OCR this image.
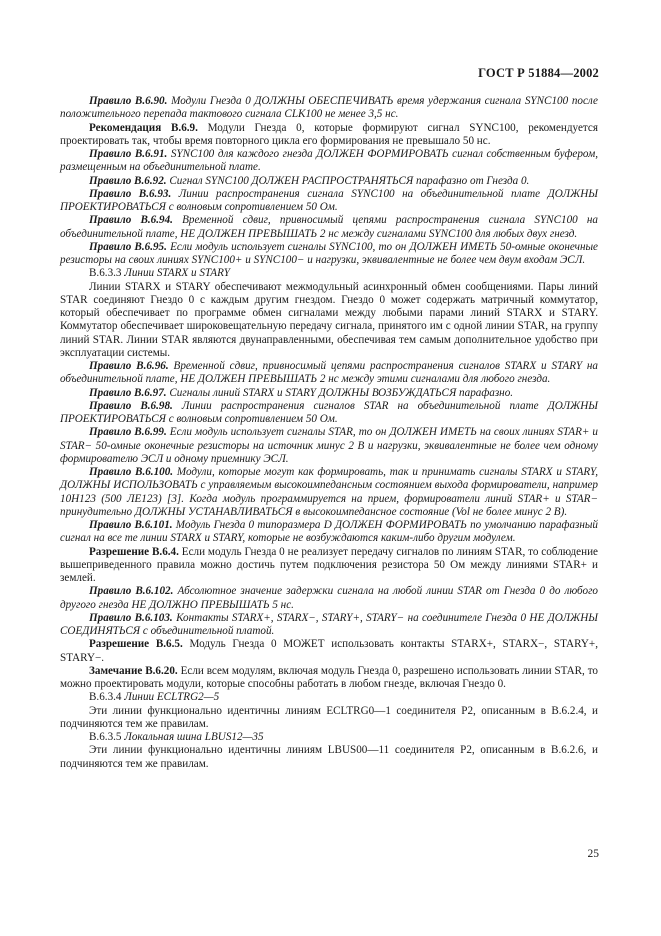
ГОСТ Р 51884—2002

Правило В.6.90. Модули Гнезда 0 ДОЛЖНЫ ОБЕСПЕЧИВАТЬ время удержания сигнала SYNC100 после положительного перепада тактового сигнала CLK100 не менее 3,5 нс.

Рекомендация В.6.9. Модули Гнезда 0, которые формируют сигнал SYNC100, рекомендуется проектировать так, чтобы время повторного цикла его формирования не превышало 50 нс.

Правило В.6.91. SYNC100 для каждого гнезда ДОЛЖЕН ФОРМИРОВАТЬ сигнал собственным буфером, размещенным на объединительной плате.

Правило В.6.92. Сигнал SYNC100 ДОЛЖЕН РАСПРОСТРАНЯТЬСЯ парафазно от Гнезда 0.

Правило В.6.93. Линии распространения сигнала SYNC100 на объединительной плате ДОЛЖНЫ ПРОЕКТИРОВАТЬСЯ с волновым сопротивлением 50 Ом.

Правило В.6.94. Временной сдвиг, привносимый цепями распространения сигнала SYNC100 на объединительной плате, НЕ ДОЛЖЕН ПРЕВЫШАТЬ 2 нс между сигналами SYNC100 для любых двух гнезд.

Правило В.6.95. Если модуль использует сигналы SYNC100, то он ДОЛЖЕН ИМЕТЬ 50-омные оконечные резисторы на своих линиях SYNC100+ и SYNC100− и нагрузки, эквивалентные не более чем двум входам ЭСЛ.

В.6.3.3 Линии STARX и STARY

Линии STARX и STARY обеспечивают межмодульный асинхронный обмен сообщениями. Пары линий STAR соединяют Гнездо 0 с каждым другим гнездом. Гнездо 0 может содержать матричный коммутатор, который обеспечивает по программе обмен сигналами между любыми парами линий STARX и STARY. Коммутатор обеспечивает широковещательную передачу сигнала, принятого им с одной линии STAR, на группу линий STAR. Линии STAR являются двунаправленными, обеспечивая тем самым дополнительное удобство при эксплуатации системы.

Правило В.6.96. Временной сдвиг, привносимый цепями распространения сигналов STARX и STARY на объединительной плате, НЕ ДОЛЖЕН ПРЕВЫШАТЬ 2 нс между этими сигналами для любого гнезда.

Правило В.6.97. Сигналы линий STARX и STARY ДОЛЖНЫ ВОЗБУЖДАТЬСЯ парафазно.

Правило В.6.98. Линии распространения сигналов STAR на объединительной плате ДОЛЖНЫ ПРОЕКТИРОВАТЬСЯ с волновым сопротивлением 50 Ом.

Правило В.6.99. Если модуль использует сигналы STAR, то он ДОЛЖЕН ИМЕТЬ на своих линиях STAR+ и STAR− 50-омные оконечные резисторы на источник минус 2 В и нагрузки, эквивалентные не более чем одному формирователю ЭСЛ и одному приемнику ЭСЛ.

Правило В.6.100. Модули, которые могут как формировать, так и принимать сигналы STARX и STARY, ДОЛЖНЫ ИСПОЛЬЗОВАТЬ с управляемым высокоимпедансным состоянием выхода формирователи, например 10Н123 (500 ЛЕ123) [3]. Когда модуль программируется на прием, формирователи линий STAR+ и STAR− принудительно ДОЛЖНЫ УСТАНАВЛИВАТЬСЯ в высокоимпедансное состояние (Vol не более минус 2 В).

Правило В.6.101. Модуль Гнезда 0 типоразмера D ДОЛЖЕН ФОРМИРОВАТЬ по умолчанию парафазный сигнал на все те линии STARX и STARY, которые не возбуждаются каким-либо другим модулем.

Разрешение В.6.4. Если модуль Гнезда 0 не реализует передачу сигналов по линиям STAR, то соблюдение вышеприведенного правила можно достичь путем подключения резистора 50 Ом между линиями STAR+ и землей.

Правило В.6.102. Абсолютное значение задержки сигнала на любой линии STAR от Гнезда 0 до любого другого гнезда НЕ ДОЛЖНО ПРЕВЫШАТЬ 5 нс.

Правило В.6.103. Контакты STARX+, STARX−, STARY+, STARY− на соединителе Гнезда 0 НЕ ДОЛЖНЫ СОЕДИНЯТЬСЯ с объединительной платой.

Разрешение В.6.5. Модуль Гнезда 0 МОЖЕТ использовать контакты STARX+, STARX−, STARY+, STARY−.

Замечание В.6.20. Если всем модулям, включая модуль Гнезда 0, разрешено использовать линии STAR, то можно проектировать модули, которые способны работать в любом гнезде, включая Гнездо 0.

В.6.3.4 Линии ECLTRG2—5

Эти линии функционально идентичны линиям ECLTRG0—1 соединителя Р2, описанным в В.6.2.4, и подчиняются тем же правилам.

В.6.3.5 Локальная шина LBUS12—35

Эти линии функционально идентичны линиям LBUS00—11 соединителя Р2, описанным в В.6.2.6, и подчиняются тем же правилам.

25
